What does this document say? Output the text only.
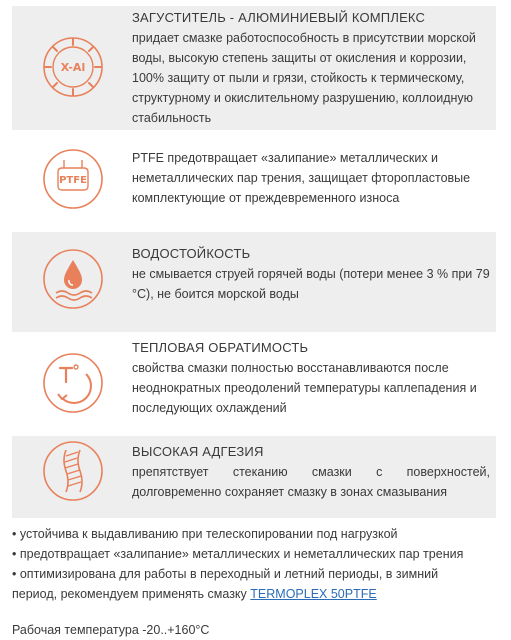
X-Al
ЗАГУСТИТЕЛЬ - АЛЮМИНИЕВЫЙ КОМПЛЕКС
придает смазке работоспособность в присутствии морской
воды, высокую степень защиты от окисления и коррозии,
100% защиту от пыли и грязи, стойкость к термическому,
структурному и окислительному разрушению, коллоидную
стабильность
PTFE
PTFE предотвращает «залипание» металлических и
неметаллических пар трения, защищает фторопластовые
комплектующие от преждевременного износа
ВОДОСТОЙКОСТЬ
не смывается струей горячей воды (потери менее 3 % при 79
°С), не боится морской воды
ТЕПЛОВАЯ ОБРАТИМОСТЬ
свойства смазки полностью восстанавливаются после
неоднократных преодолений температуры каплепадения и
последующих охлаждений
ВЫСОКАЯ АДГЕЗИЯ
препятствует стеканию смазки с поверхностей,
долговременно сохраняет смазку в зонах смазывания
• устойчива к выдавливанию при телескопировании под нагрузкой
• предотвращает «залипание» металлических и неметаллических пар трения
• оптимизирована для работы в переходный и летний периоды, в зимний
период, рекомендуем применять смазку TERMOPLEX 50PTFE
Рабочая температура -20..+160°С
